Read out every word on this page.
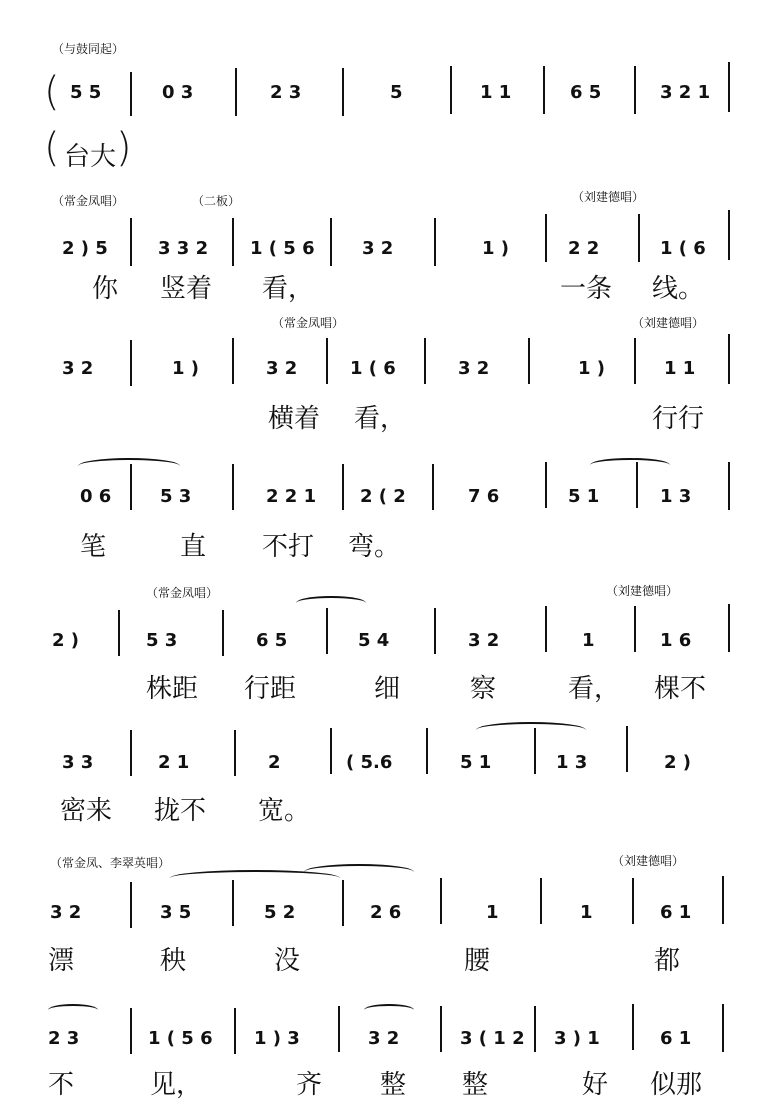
（与鼓同起）
( 5 5	0 3	2 3	5	1 1	6 5	3 2 1
( 台大 )
（常金凤唱）	（二板）	（刘建德唱）
2 ) 5	3 3 2 1 ( 5 6	3 2	1 )	2 2	1 ( 6
你 竖着 看，	一条 线。
（常金凤唱）	（刘建德唱）
3 2	1 )	3 2	1 ( 6	3 2	1 )	1 1
横着 看，	行行
0 6	5 3	2 2 1 2 ( 2	7 6	5 1	1 3
笔	直 不打 弯。
（常金凤唱）	（刘建德唱）
2 )	5 3	6 5	5 4	3 2	1	1 6
株距 行距	细	察	看， 棵不
3 3	2 1	2	( 5.6	5 1	1 3	2 )
密来 拢不 宽。
（常金凤、李翠英唱）	（刘建德唱）
3 2	3 5	5 2	2 6	1	1	6 1
漂	秧	没	腰	都
2 3	1 ( 5 6 1 ) 3	3 2	3 ( 1 2 3 ) 1	6 1
不	见，	齐 整 整	好 似那
